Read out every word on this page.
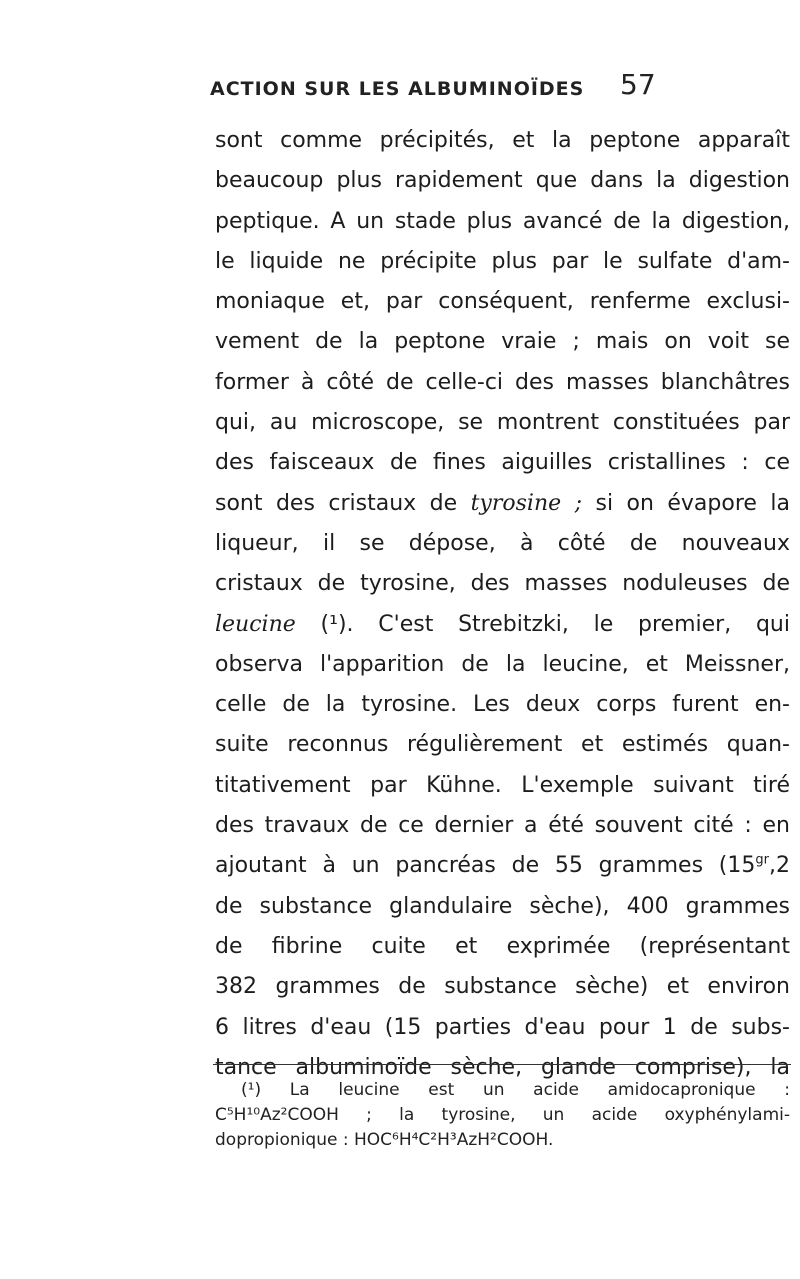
ACTION SUR LES ALBUMINOÏDES 57
sont comme précipités, et la peptone apparaît
beaucoup plus rapidement que dans la digestion
peptique. A un stade plus avancé de la digestion,
le liquide ne précipite plus par le sulfate d'am-
moniaque et, par conséquent, renferme exclusi-
vement de la peptone vraie ; mais on voit se
former à côté de celle-ci des masses blanchâtres
qui, au microscope, se montrent constituées par
des faisceaux de fines aiguilles cristallines : ce
sont des cristaux de tyrosine ; si on évapore la
liqueur, il se dépose, à côté de nouveaux
cristaux de tyrosine, des masses noduleuses de
leucine (¹). C'est Strebitzki, le premier, qui
observa l'apparition de la leucine, et Meissner,
celle de la tyrosine. Les deux corps furent en-
suite reconnus régulièrement et estimés quan-
titativement par Kühne. L'exemple suivant tiré
des travaux de ce dernier a été souvent cité : en
ajoutant à un pancréas de 55 grammes ($15^{gr},2$
de substance glandulaire sèche), 400 grammes
de fibrine cuite et exprimée (représentant
382 grammes de substance sèche) et environ
6 litres d'eau (15 parties d'eau pour 1 de subs-
tance albuminoïde sèche, glande comprise), la
(¹) La leucine est un acide amidocapronique :
C⁵H¹⁰Az²COOH ; la tyrosine, un acide oxyphénylami-
dopropionique : HOC⁶H⁴C²H³AzH²COOH.
